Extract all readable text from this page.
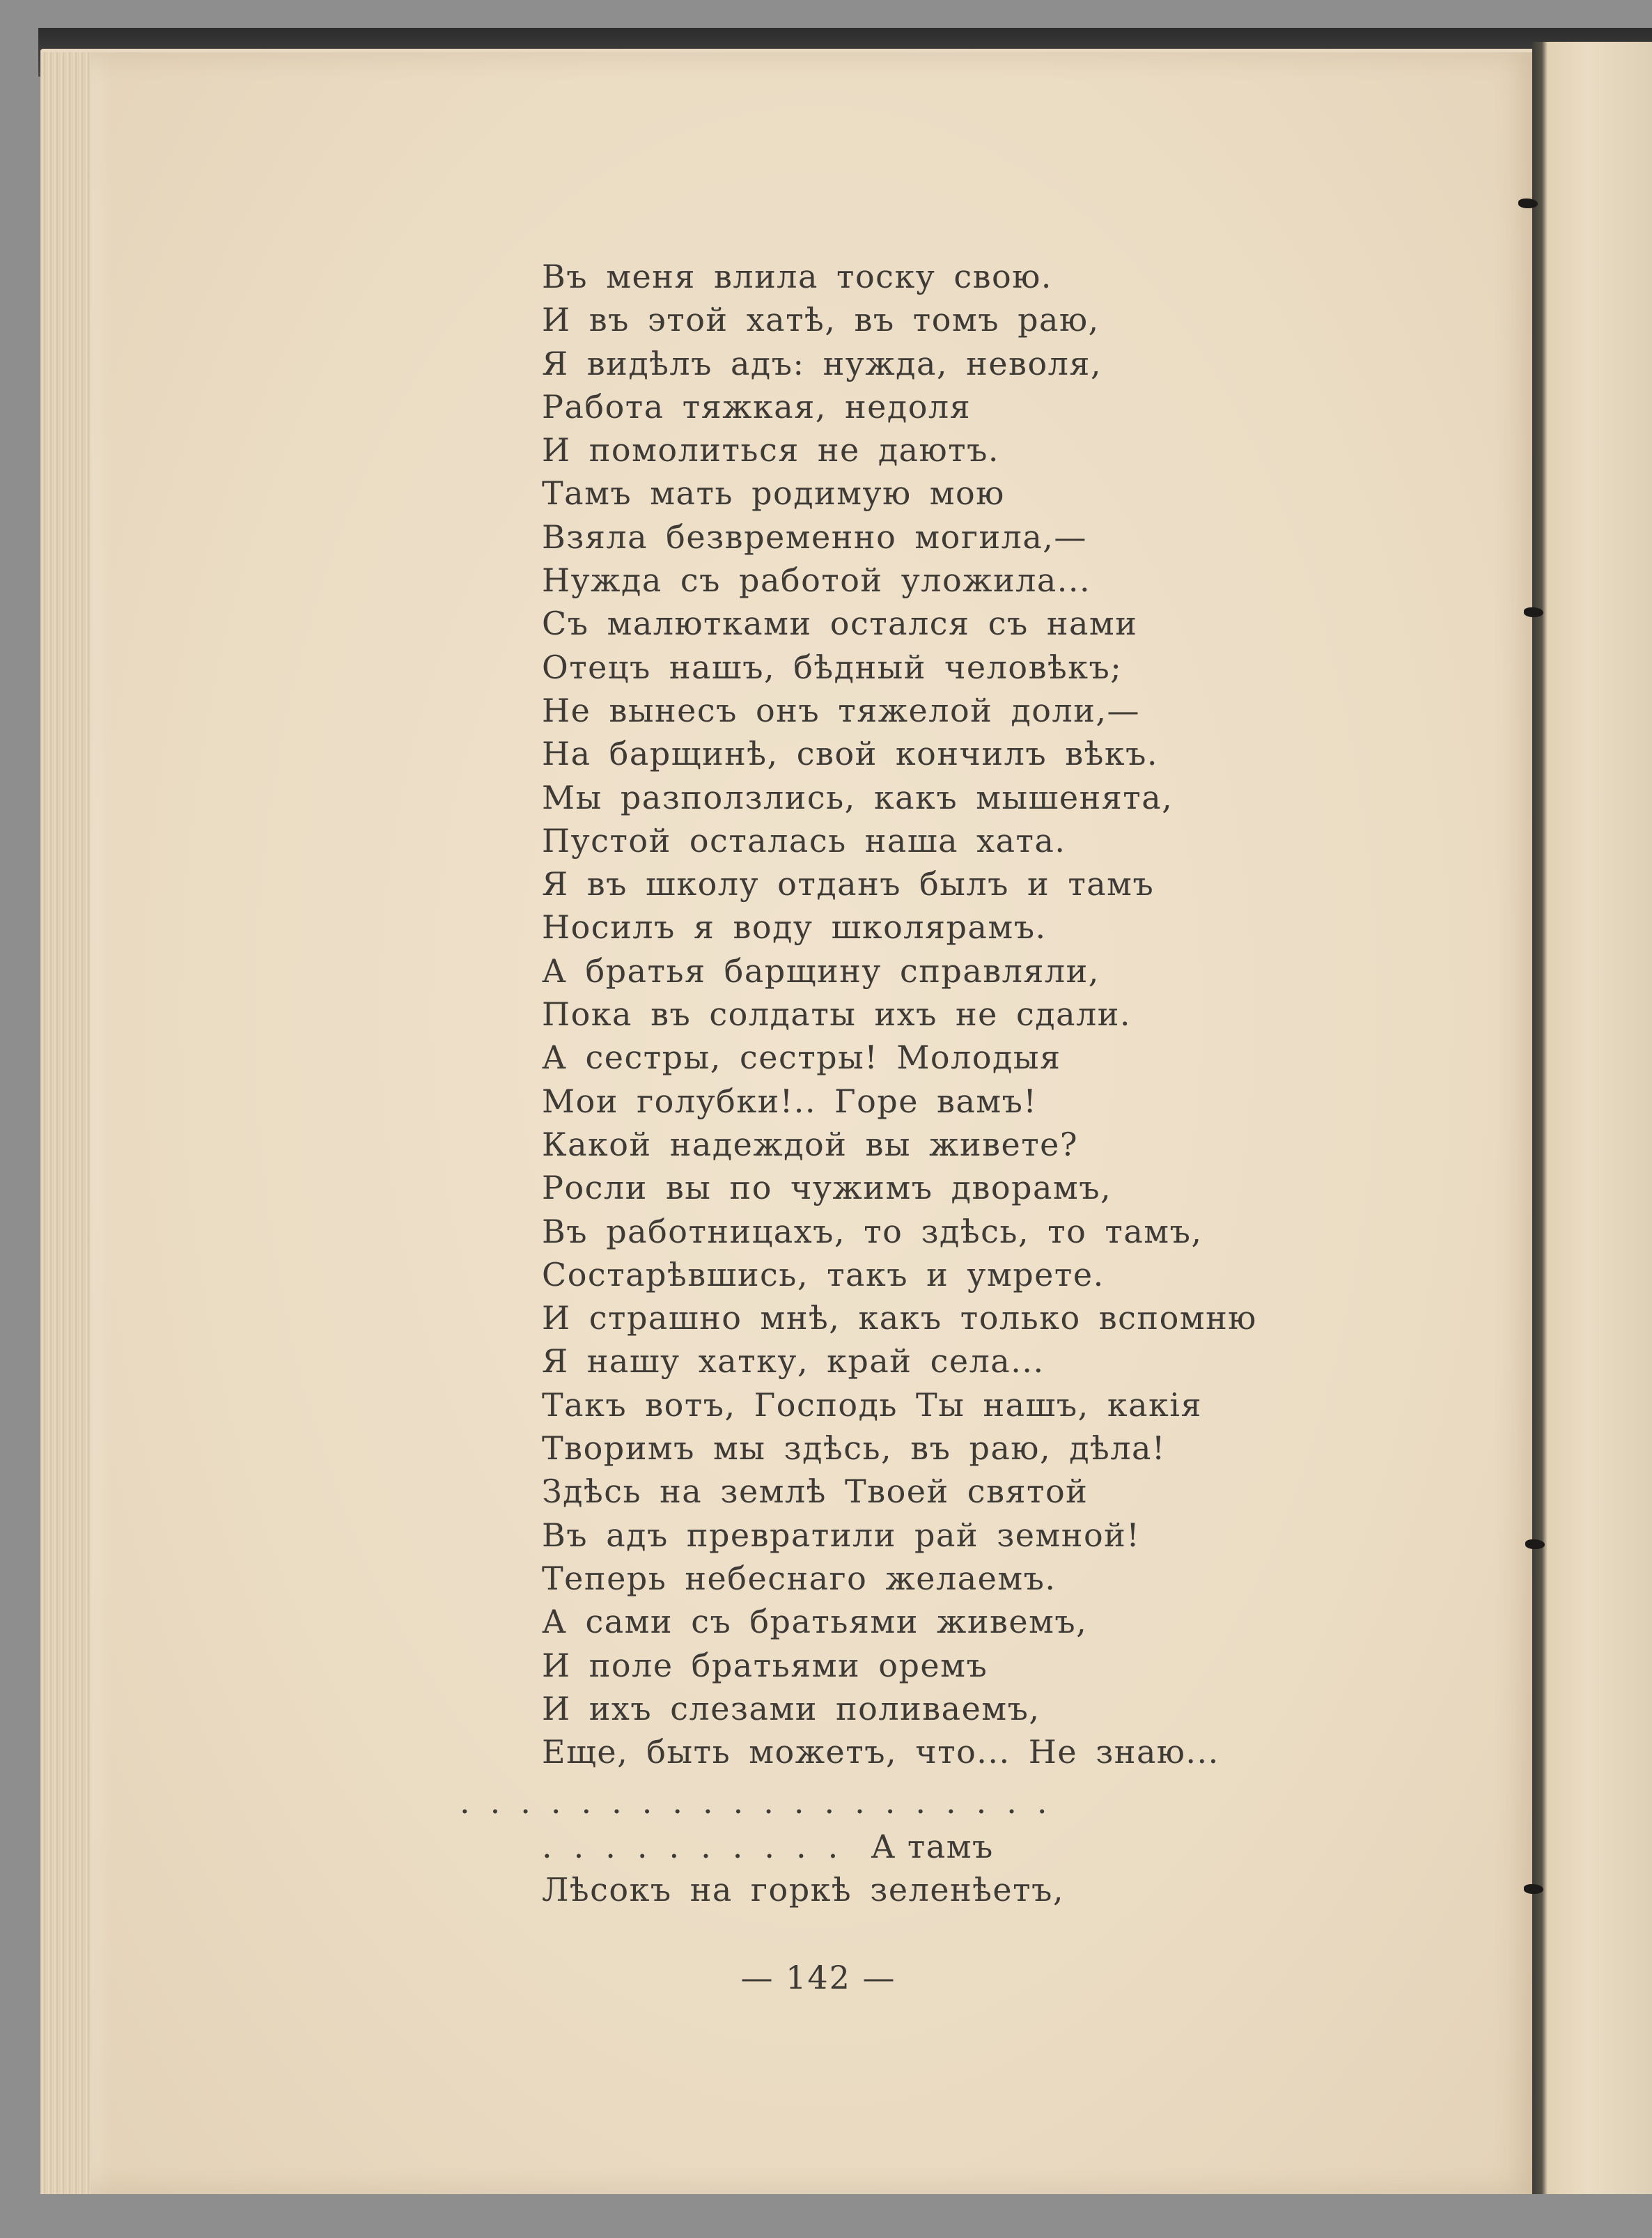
Въ меня влила тоску свою.
И въ этой хатѣ, въ томъ раю,
Я видѣлъ адъ: нужда, неволя,
Работа тяжкая, недоля
И помолиться не даютъ.
Тамъ мать родимую мою
Взяла безвременно могила,—
Нужда съ работой уложила...
Съ малютками остался съ нами
Отецъ нашъ, бѣдный человѣкъ;
Не вынесъ онъ тяжелой доли,—
На барщинѣ, свой кончилъ вѣкъ.
Мы разползлись, какъ мышенята,
Пустой осталась наша хата.
Я въ школу отданъ былъ и тамъ
Носилъ я воду школярамъ.
А братья барщину справляли,
Пока въ солдаты ихъ не сдали.
А сестры, сестры! Молодыя
Мои голубки!.. Горе вамъ!
Какой надеждой вы живете?
Росли вы по чужимъ дворамъ,
Въ работницахъ, то здѣсь, то тамъ,
Состарѣвшись, такъ и умрете.
И страшно мнѣ, какъ только вспомню
Я нашу хатку, край села...
Такъ вотъ, Господь Ты нашъ, какія
Творимъ мы здѣсь, въ раю, дѣла!
Здѣсь на землѣ Твоей святой
Въ адъ превратили рай земной!
Теперь небеснаго желаемъ.
А сами съ братьями живемъ,
И поле братьями оремъ
И ихъ слезами поливаемъ,
Еще, быть можетъ, что... Не знаю...
....................
.......... А тамъ
Лѣсокъ на горкѣ зеленѣетъ,
— 142 —
